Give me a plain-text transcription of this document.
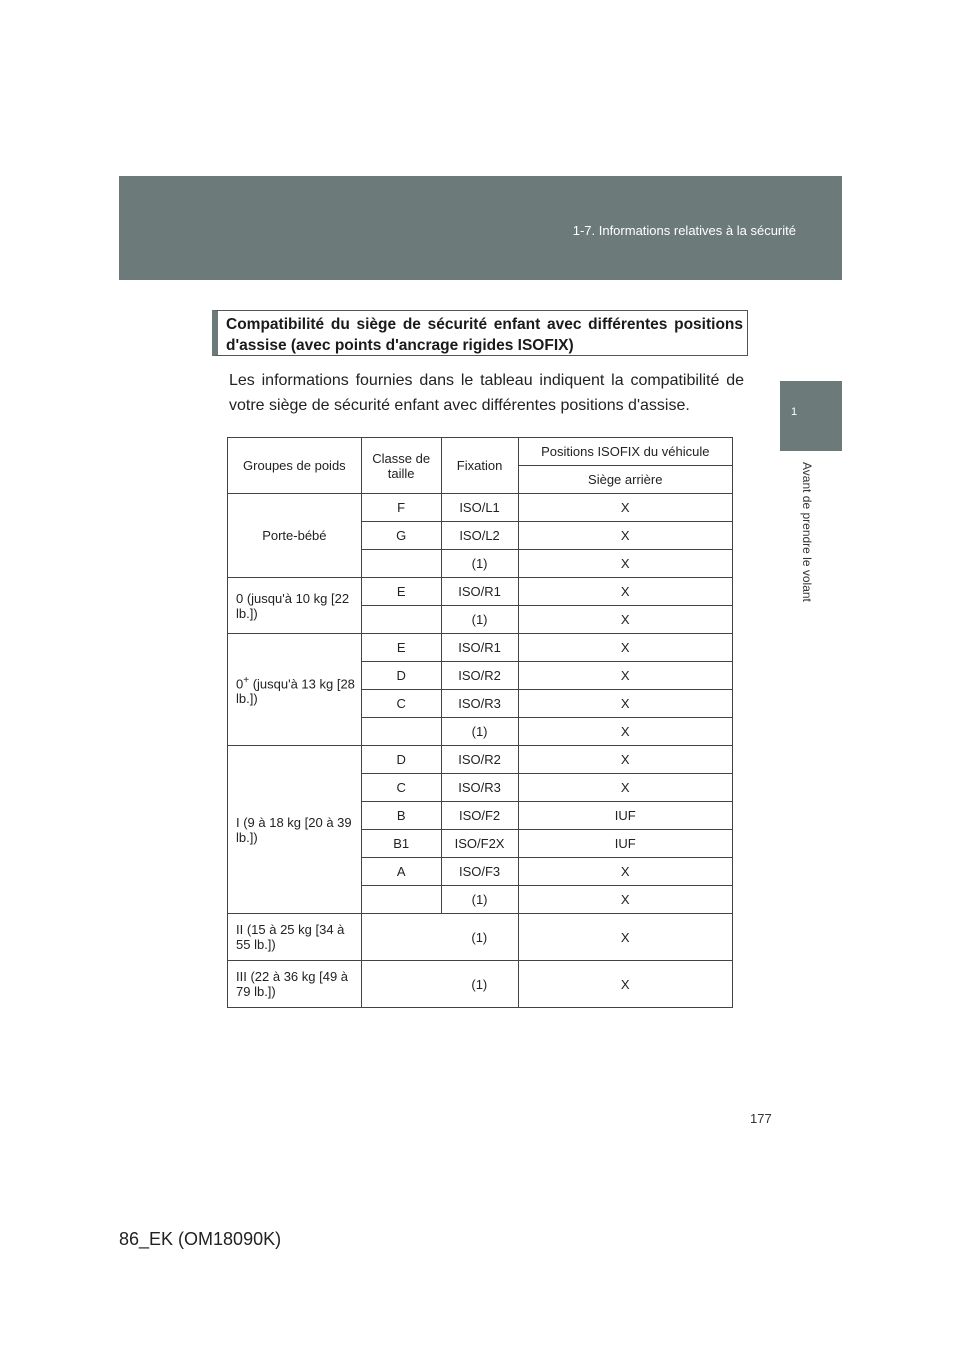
1-7. Informations relatives à la sécurité
1
Avant de prendre le volant
Compatibilité du siège de sécurité enfant avec différentes positions d'assise (avec points d'ancrage rigides ISOFIX)
Les informations fournies dans le tableau indiquent la compatibilité de votre siège de sécurité enfant avec différentes positions d'assise.
Groupes de poids	Classe de taille	Fixation	Positions ISOFIX du véhicule
			Siège arrière
Porte-bébé	F	ISO/L1	X
	G	ISO/L2	X
		(1)	X
0 (jusqu'à 10 kg [22 lb.])	E	ISO/R1	X
		(1)	X
0+ (jusqu'à 13 kg [28 lb.])	E	ISO/R1	X
	D	ISO/R2	X
	C	ISO/R3	X
		(1)	X
I (9 à 18 kg [20 à 39 lb.])	D	ISO/R2	X
	C	ISO/R3	X
	B	ISO/F2	IUF
	B1	ISO/F2X	IUF
	A	ISO/F3	X
		(1)	X
II (15 à 25 kg [34 à 55 lb.])		(1)	X
III (22 à 36 kg [49 à 79 lb.])		(1)	X
177
86_EK (OM18090K)
